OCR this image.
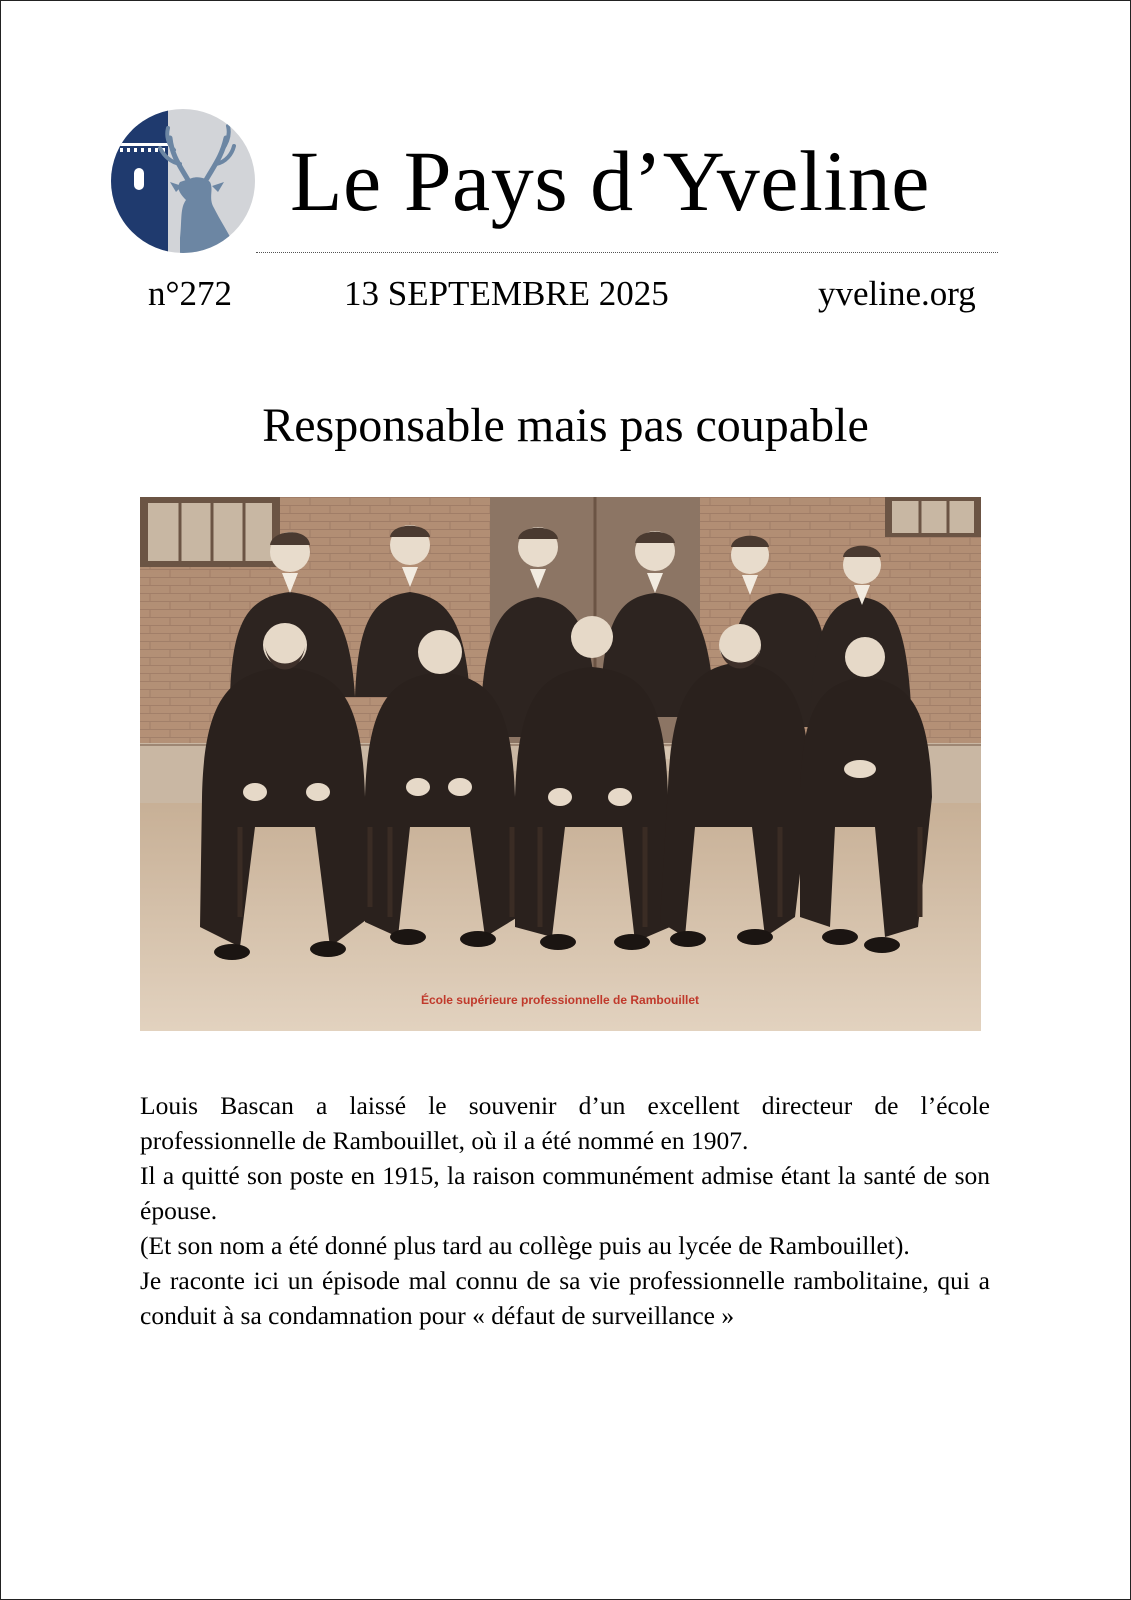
Le Pays d’Yveline
n°272	13 SEPTEMBRE 2025	yveline.org
Responsable mais pas coupable
École supérieure professionnelle de Rambouillet

Louis Bascan a laissé le souvenir d’un excellent directeur de l’école professionnelle de Rambouillet, où il a été nommé en 1907.

Il a quitté son poste en 1915, la raison communément admise étant la santé de son épouse.

(Et son nom a été donné plus tard au collège puis au lycée de Rambouillet).

Je raconte ici un épisode mal connu de sa vie professionnelle rambolitaine, qui a conduit à sa condamnation pour « défaut de surveillance »
